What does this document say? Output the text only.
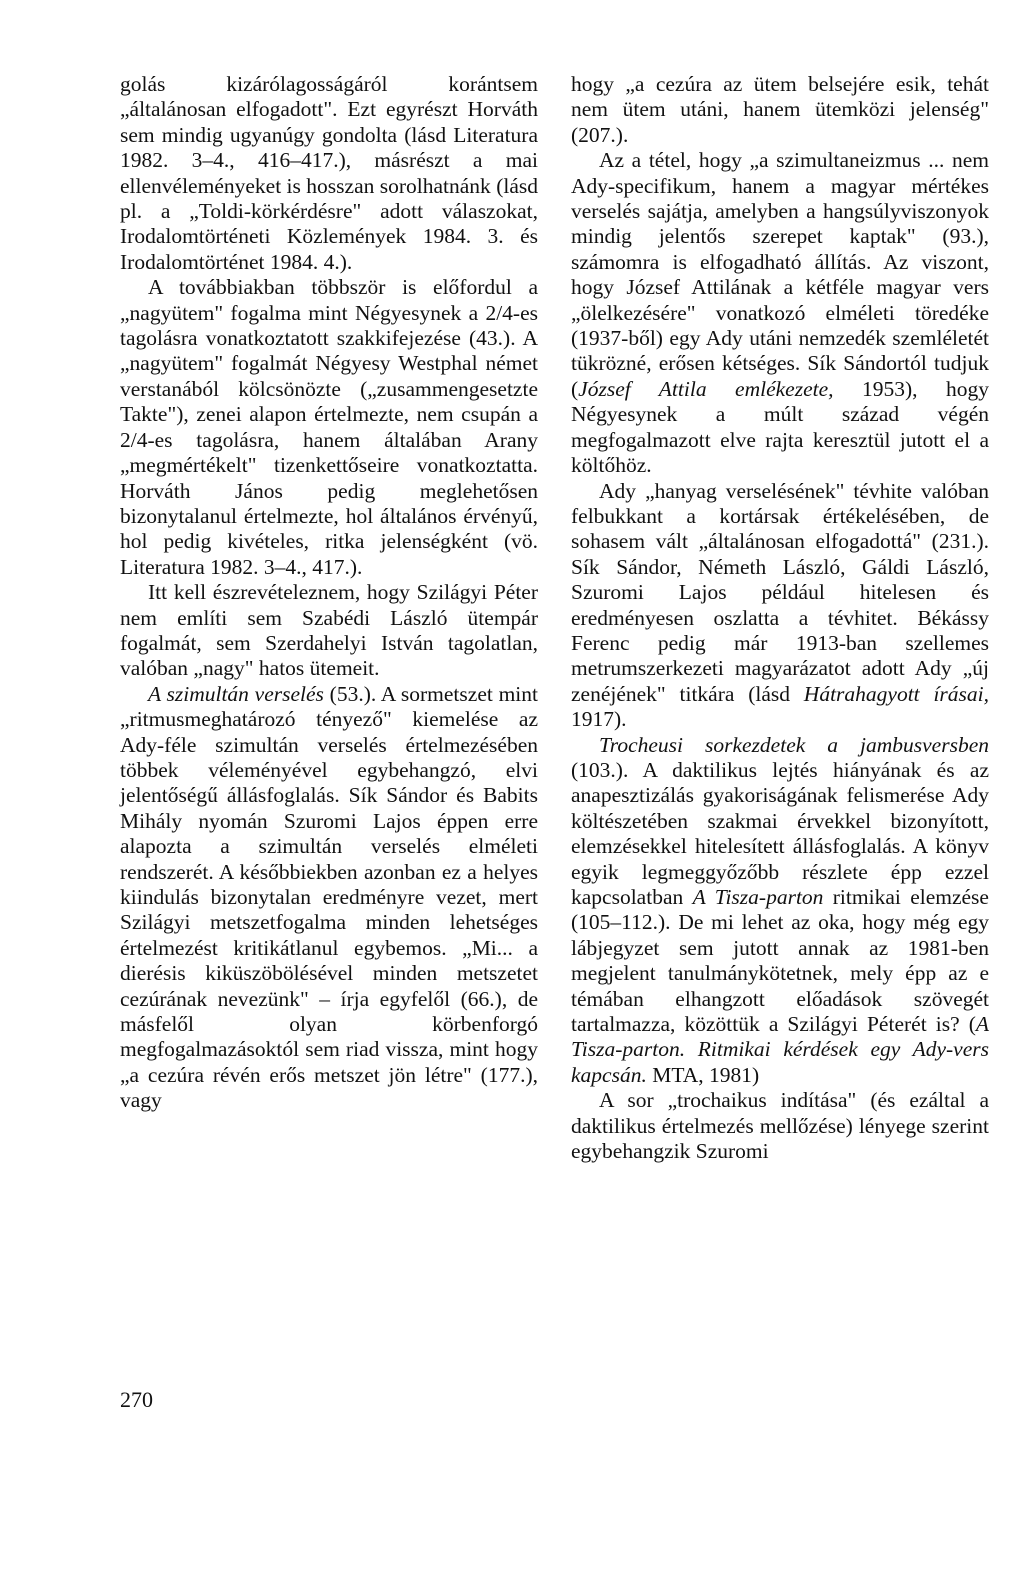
golás kizárólagosságáról korántsem „általánosan elfogadott". Ezt egyrészt Horváth sem mindig ugyanúgy gondolta (lásd Literatura 1982. 3–4., 416–417.), másrészt a mai ellenvéleményeket is hosszan sorolhatnánk (lásd pl. a „Toldi-körkérdésre" adott válaszokat, Irodalomtörténeti Közlemények 1984. 3. és Irodalomtörténet 1984. 4.).

A továbbiakban többször is előfordul a „nagyütem" fogalma mint Négyesynek a 2/4-es tagolásra vonatkoztatott szakkifejezése (43.). A „nagyütem" fogalmát Négyesy Westphal német verstanából kölcsönözte („zusammengesetzte Takte"), zenei alapon értelmezte, nem csupán a 2/4-es tagolásra, hanem általában Arany „megmértékelt" tizenkettőseire vonatkoztatta. Horváth János pedig meglehetősen bizonytalanul értelmezte, hol általános érvényű, hol pedig kivételes, ritka jelenségként (vö. Literatura 1982. 3–4., 417.).

Itt kell észrevételeznem, hogy Szilágyi Péter nem említi sem Szabédi László ütempár fogalmát, sem Szerdahelyi István tagolatlan, valóban „nagy" hatos ütemeit.

A szimultán verselés (53.). A sormetszet mint „ritmusmeghatározó tényező" kiemelése az Ady-féle szimultán verselés értelmezésében többek véleményével egybehangzó, elvi jelentőségű állásfoglalás. Sík Sándor és Babits Mihály nyomán Szuromi Lajos éppen erre alapozta a szimultán verselés elméleti rendszerét. A későbbiekben azonban ez a helyes kiindulás bizonytalan eredményre vezet, mert Szilágyi metszetfogalma minden lehetséges értelmezést kritikátlanul egybemos. „Mi... a dierésis kiküszöbölésével minden metszetet cezúrának nevezünk" – írja egyfelől (66.), de másfelől olyan körbenforgó megfogalmazásoktól sem riad vissza, mint hogy „a cezúra révén erős metszet jön létre" (177.), vagy

hogy „a cezúra az ütem belsejére esik, tehát nem ütem utáni, hanem ütemközi jelenség" (207.).

Az a tétel, hogy „a szimultaneizmus ... nem Ady-specifikum, hanem a magyar mértékes verselés sajátja, amelyben a hangsúlyviszonyok mindig jelentős szerepet kaptak" (93.), számomra is elfogadható állítás. Az viszont, hogy József Attilának a kétféle magyar vers „ölelkezésére" vonatkozó elméleti töredéke (1937-ből) egy Ady utáni nemzedék szemléletét tükrözné, erősen kétséges. Sík Sándortól tudjuk (József Attila emlékezete, 1953), hogy Négyesynek a múlt század végén megfogalmazott elve rajta keresztül jutott el a költőhöz.

Ady „hanyag verselésének" tévhite valóban felbukkant a kortársak értékelésében, de sohasem vált „általánosan elfogadottá" (231.). Sík Sándor, Németh László, Gáldi László, Szuromi Lajos például hitelesen és eredményesen oszlatta a tévhitet. Békássy Ferenc pedig már 1913-ban szellemes metrumszerkezeti magyarázatot adott Ady „új zenéjének" titkára (lásd Hátrahagyott írásai, 1917).

Trocheusi sorkezdetek a jambusversben (103.). A daktilikus lejtés hiányának és az anapesztizálás gyakoriságának felismerése Ady költészetében szakmai érvekkel bizonyított, elemzésekkel hitelesített állásfoglalás. A könyv egyik legmeggyőzőbb részlete épp ezzel kapcsolatban A Tisza-parton ritmikai elemzése (105–112.). De mi lehet az oka, hogy még egy lábjegyzet sem jutott annak az 1981-ben megjelent tanulmánykötetnek, mely épp az e témában elhangzott előadások szövegét tartalmazza, közöttük a Szilágyi Péterét is? (A Tisza-parton. Ritmikai kérdések egy Ady-vers kapcsán. MTA, 1981)

A sor „trochaikus indítása" (és ezáltal a daktilikus értelmezés mellőzése) lényege szerint egybehangzik Szuromi

270
